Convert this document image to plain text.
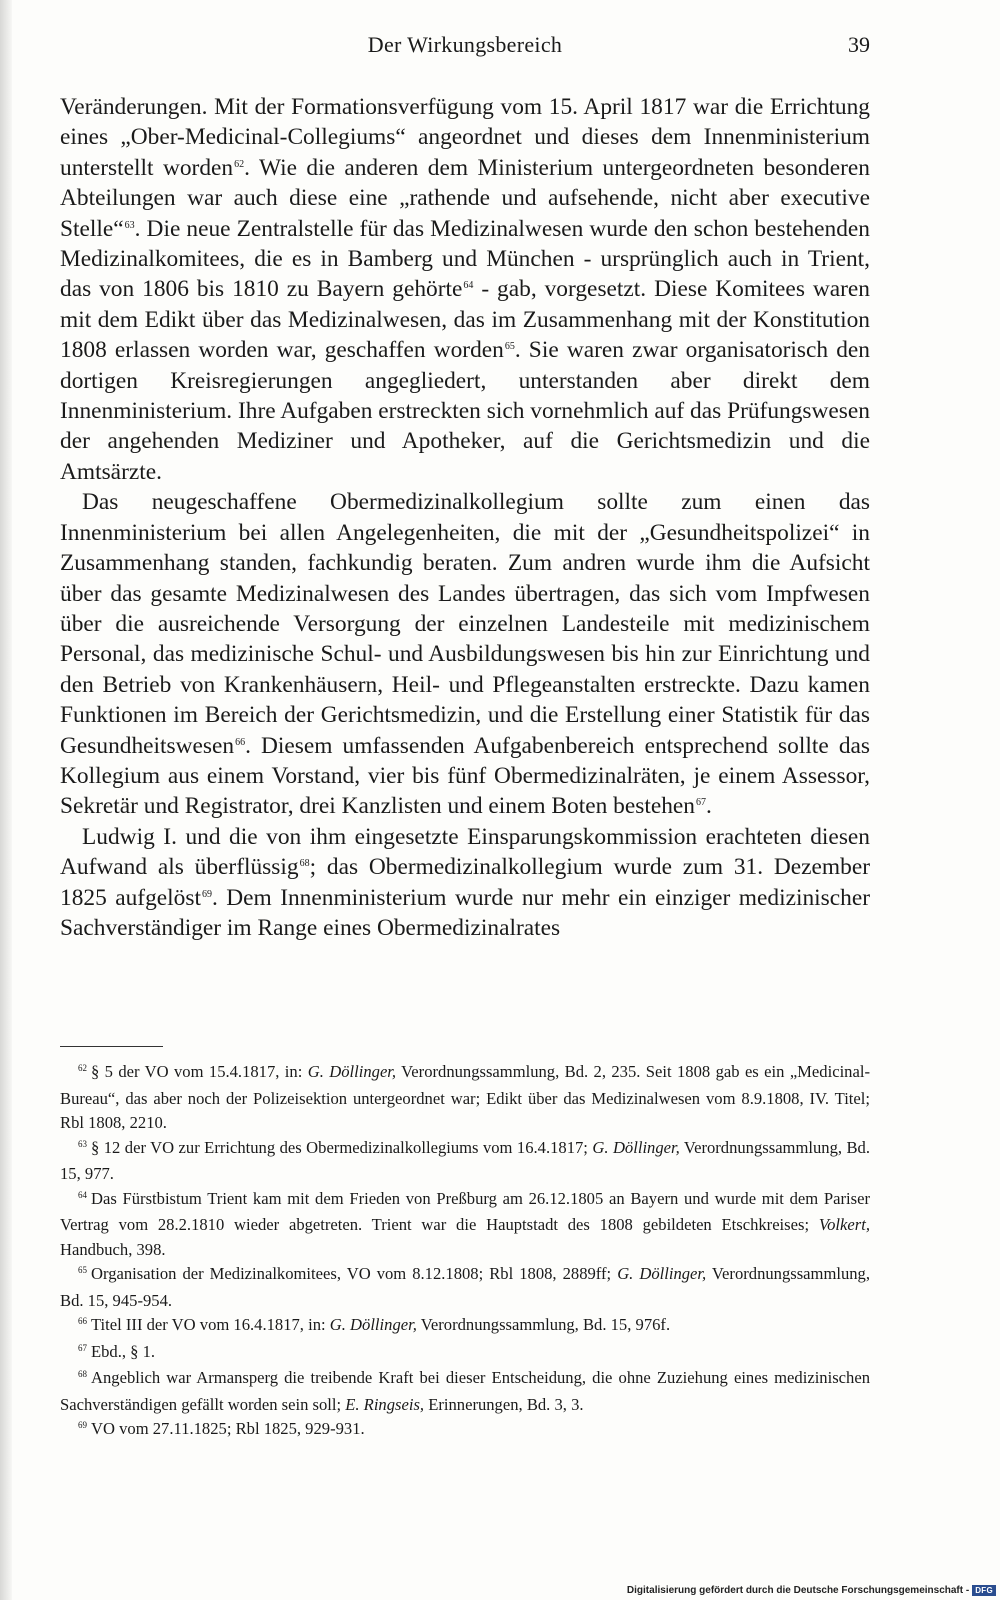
Der Wirkungsbereich	39

Veränderungen. Mit der Formationsverfügung vom 15. April 1817 war die Errichtung eines „Ober-Medicinal-Collegiums“ angeordnet und dieses dem Innenministerium unterstellt worden$^{62}$. Wie die anderen dem Ministerium untergeordneten besonderen Abteilungen war auch diese eine „rathende und aufsehende, nicht aber executive Stelle“$^{63}$. Die neue Zentralstelle für das Medizinalwesen wurde den schon bestehenden Medizinalkomitees, die es in Bamberg und München - ursprünglich auch in Trient, das von 1806 bis 1810 zu Bayern gehörte$^{64}$ - gab, vorgesetzt. Diese Komitees waren mit dem Edikt über das Medizinalwesen, das im Zusammenhang mit der Konstitution 1808 erlassen worden war, geschaffen worden$^{65}$. Sie waren zwar organisatorisch den dortigen Kreisregierungen angegliedert, unterstanden aber direkt dem Innenministerium. Ihre Aufgaben erstreckten sich vornehmlich auf das Prüfungswesen der angehenden Mediziner und Apotheker, auf die Gerichtsmedizin und die Amtsärzte.

Das neugeschaffene Obermedizinalkollegium sollte zum einen das Innenministerium bei allen Angelegenheiten, die mit der „Gesundheitspolizei“ in Zusammenhang standen, fachkundig beraten. Zum andren wurde ihm die Aufsicht über das gesamte Medizinalwesen des Landes übertragen, das sich vom Impfwesen über die ausreichende Versorgung der einzelnen Landesteile mit medizinischem Personal, das medizinische Schul- und Ausbildungswesen bis hin zur Einrichtung und den Betrieb von Krankenhäusern, Heil- und Pflegeanstalten erstreckte. Dazu kamen Funktionen im Bereich der Gerichtsmedizin, und die Erstellung einer Statistik für das Gesundheitswesen$^{66}$. Diesem umfassenden Aufgabenbereich entsprechend sollte das Kollegium aus einem Vorstand, vier bis fünf Obermedizinalräten, je einem Assessor, Sekretär und Registrator, drei Kanzlisten und einem Boten bestehen$^{67}$.

Ludwig I. und die von ihm eingesetzte Einsparungskommission erachteten diesen Aufwand als überflüssig$^{68}$; das Obermedizinalkollegium wurde zum 31. Dezember 1825 aufgelöst$^{69}$. Dem Innenministerium wurde nur mehr ein einziger medizinischer Sachverständiger im Range eines Obermedizinalrates

$^{62}$ § 5 der VO vom 15.4.1817, in: G. Döllinger, Verordnungssammlung, Bd. 2, 235. Seit 1808 gab es ein „Medicinal-Bureau“, das aber noch der Polizeisektion untergeordnet war; Edikt über das Medizinalwesen vom 8.9.1808, IV. Titel; Rbl 1808, 2210.

$^{63}$ § 12 der VO zur Errichtung des Obermedizinalkollegiums vom 16.4.1817; G. Döllinger, Verordnungssammlung, Bd. 15, 977.

$^{64}$ Das Fürstbistum Trient kam mit dem Frieden von Preßburg am 26.12.1805 an Bayern und wurde mit dem Pariser Vertrag vom 28.2.1810 wieder abgetreten. Trient war die Hauptstadt des 1808 gebildeten Etschkreises; Volkert, Handbuch, 398.

$^{65}$ Organisation der Medizinalkomitees, VO vom 8.12.1808; Rbl 1808, 2889ff; G. Döllinger, Verordnungssammlung, Bd. 15, 945-954.

$^{66}$ Titel III der VO vom 16.4.1817, in: G. Döllinger, Verordnungssammlung, Bd. 15, 976f.

$^{67}$ Ebd., § 1.

$^{68}$ Angeblich war Armansperg die treibende Kraft bei dieser Entscheidung, die ohne Zuziehung eines medizinischen Sachverständigen gefällt worden sein soll; E. Ringseis, Erinnerungen, Bd. 3, 3.

$^{69}$ VO vom 27.11.1825; Rbl 1825, 929-931.

Digitalisierung gefördert durch die Deutsche Forschungsgemeinschaft - DFG
